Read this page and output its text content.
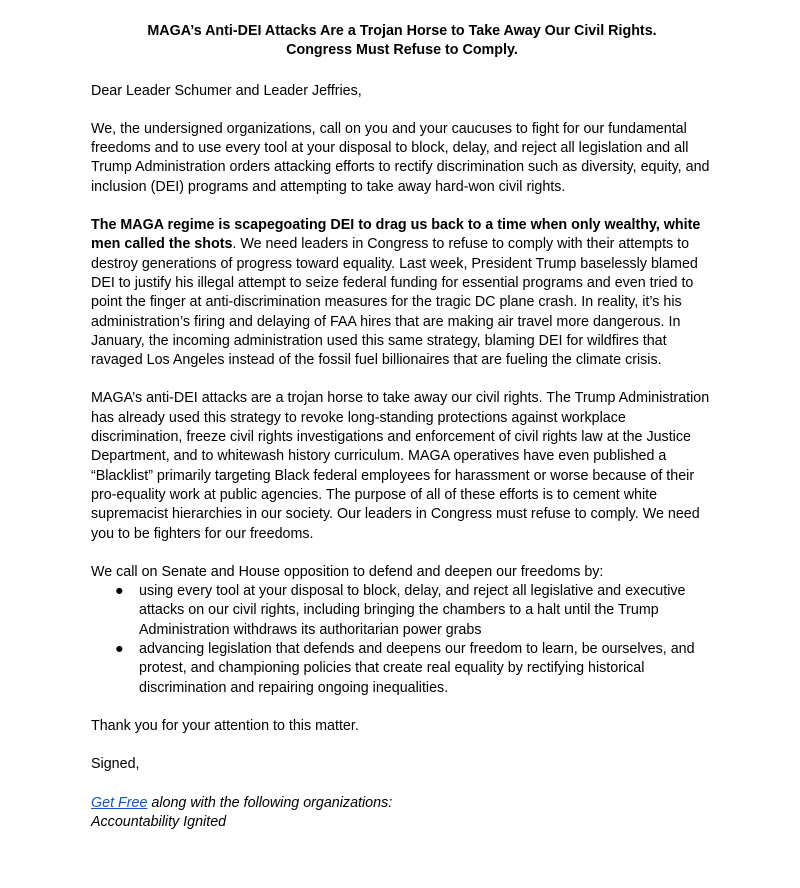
MAGA’s Anti-DEI Attacks Are a Trojan Horse to Take Away Our Civil Rights.
Congress Must Refuse to Comply.

Dear Leader Schumer and Leader Jeffries,

We, the undersigned organizations, call on you and your caucuses to fight for our fundamental freedoms and to use every tool at your disposal to block, delay, and reject all legislation and all Trump Administration orders attacking efforts to rectify discrimination such as diversity, equity, and inclusion (DEI) programs and attempting to take away hard-won civil rights.

The MAGA regime is scapegoating DEI to drag us back to a time when only wealthy, white men called the shots. We need leaders in Congress to refuse to comply with their attempts to destroy generations of progress toward equality. Last week, President Trump baselessly blamed DEI to justify his illegal attempt to seize federal funding for essential programs and even tried to point the finger at anti-discrimination measures for the tragic DC plane crash. In reality, it’s his administration’s firing and delaying of FAA hires that are making air travel more dangerous. In January, the incoming administration used this same strategy, blaming DEI for wildfires that ravaged Los Angeles instead of the fossil fuel billionaires that are fueling the climate crisis.

MAGA’s anti-DEI attacks are a trojan horse to take away our civil rights. The Trump Administration has already used this strategy to revoke long-standing protections against workplace discrimination, freeze civil rights investigations and enforcement of civil rights law at the Justice Department, and to whitewash history curriculum. MAGA operatives have even published a “Blacklist” primarily targeting Black federal employees for harassment or worse because of their pro-equality work at public agencies. The purpose of all of these efforts is to cement white supremacist hierarchies in our society. Our leaders in Congress must refuse to comply. We need you to be fighters for our freedoms.

We call on Senate and House opposition to defend and deepen our freedoms by:

● using every tool at your disposal to block, delay, and reject all legislative and executive attacks on our civil rights, including bringing the chambers to a halt until the Trump Administration withdraws its authoritarian power grabs
● advancing legislation that defends and deepens our freedom to learn, be ourselves, and protest, and championing policies that create real equality by rectifying historical discrimination and repairing ongoing inequalities.

Thank you for your attention to this matter.

Signed,

Get Free along with the following organizations:
Accountability Ignited
